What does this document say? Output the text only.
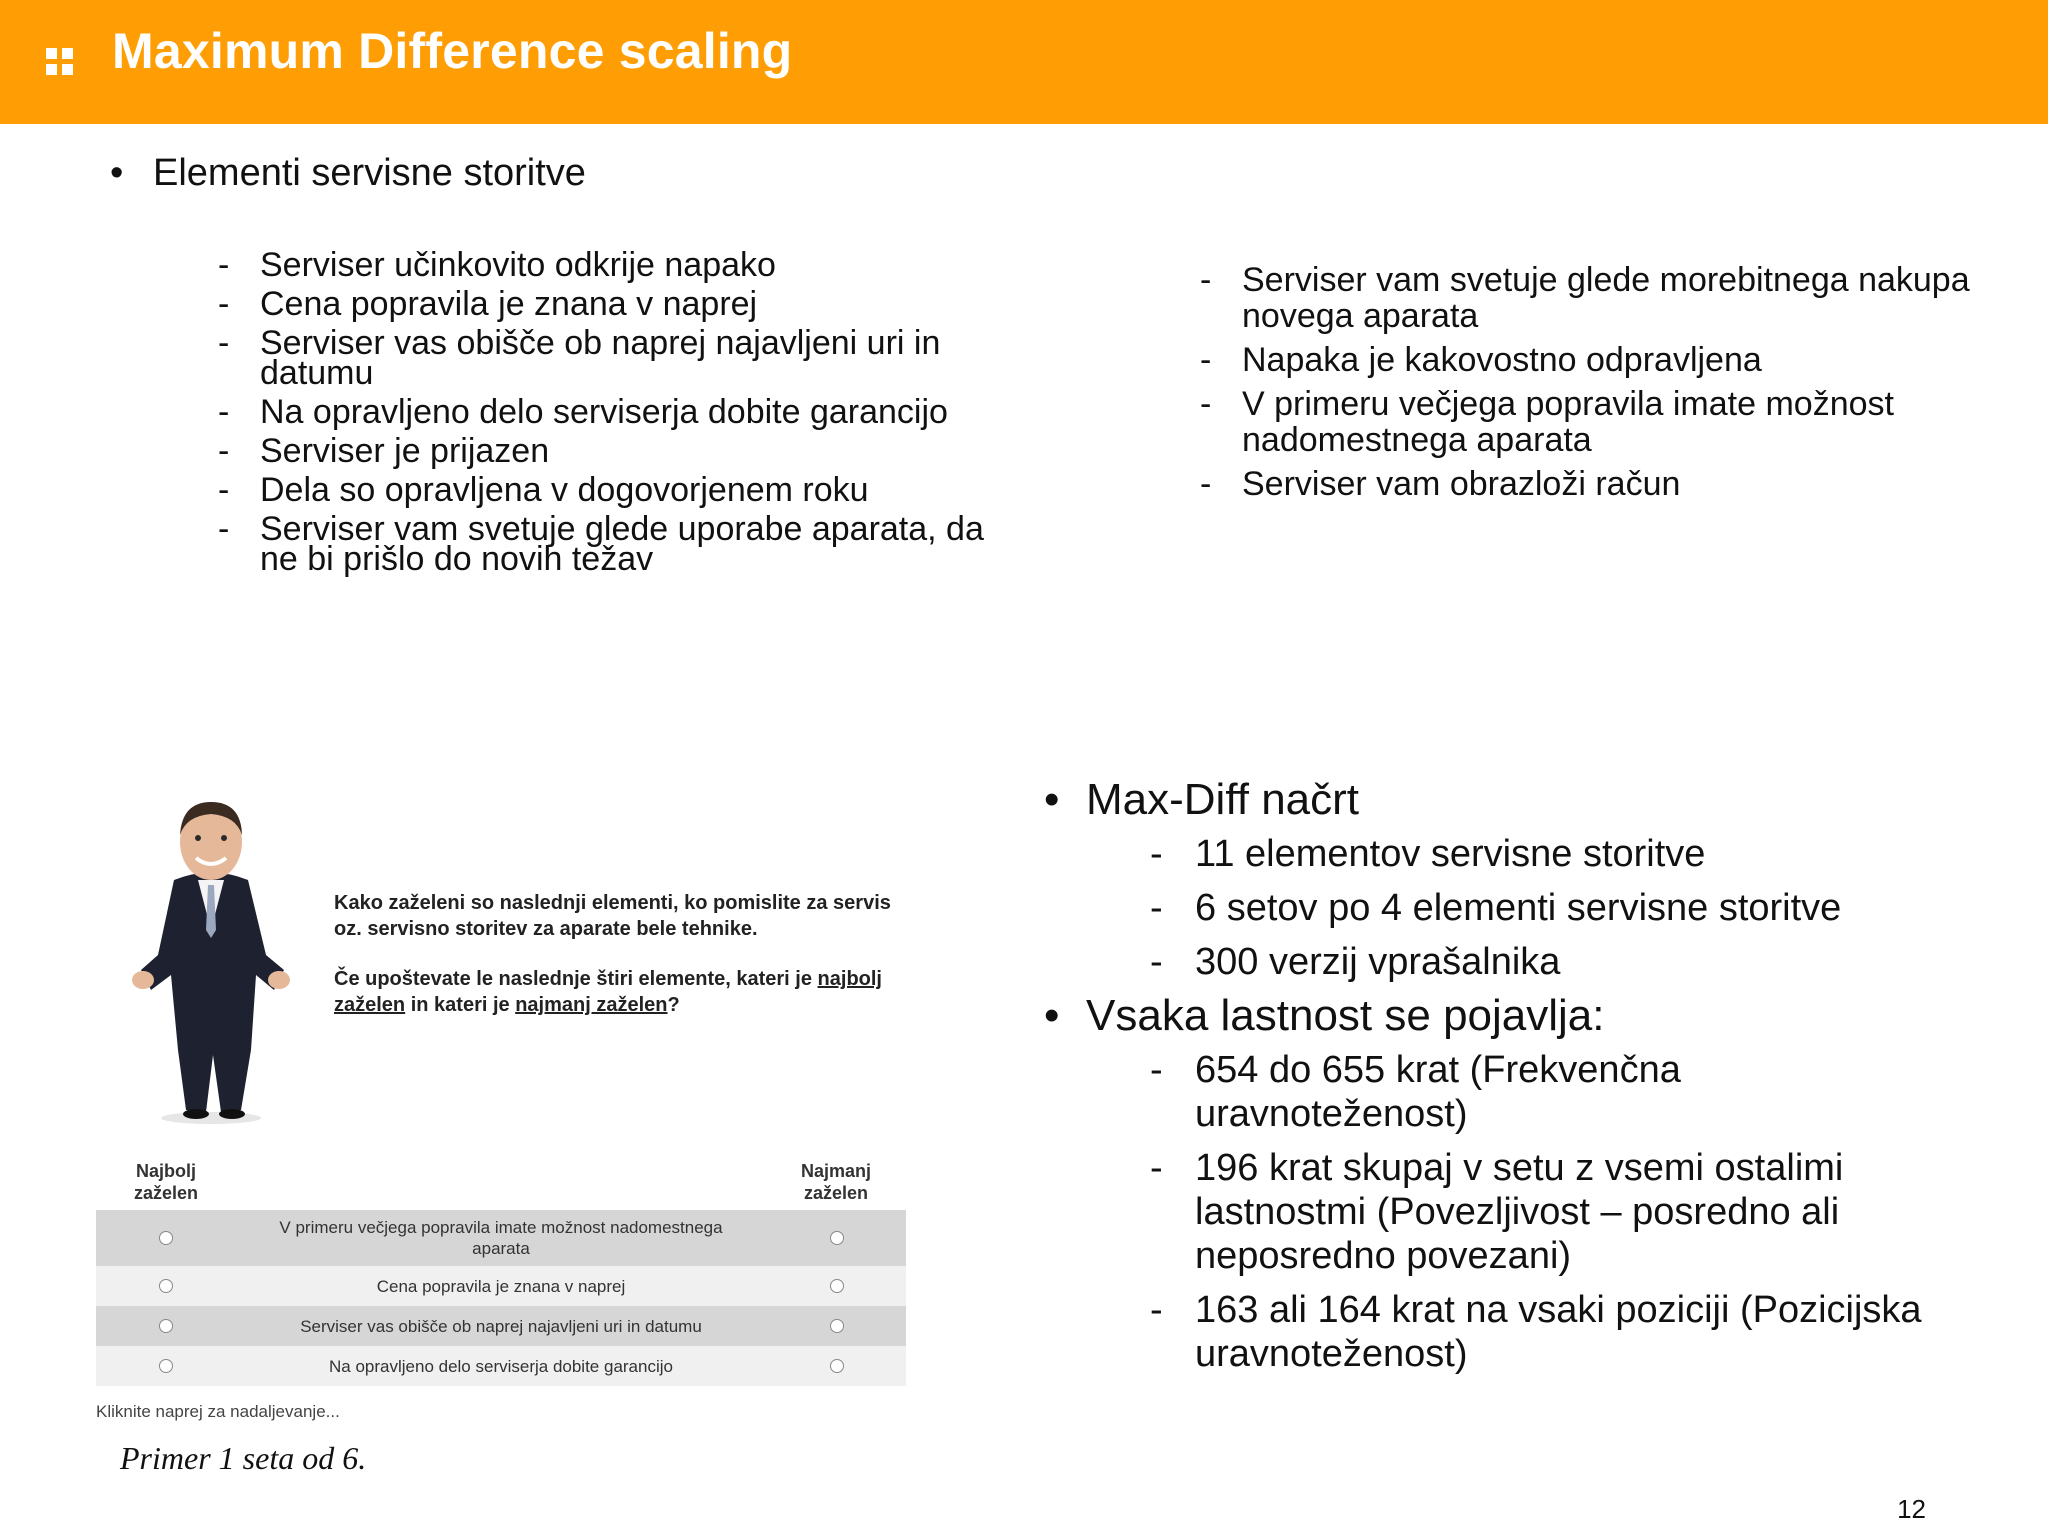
Maximum Difference scaling
• Elementi servisne storitve
- Serviser učinkovito odkrije napako
- Cena popravila je znana v naprej
- Serviser vas obišče ob naprej najavljeni uri in
datumu
- Na opravljeno delo serviserja dobite garancijo
- Serviser je prijazen
- Dela so opravljena v dogovorjenem roku
- Serviser vam svetuje glede uporabe aparata, da
ne bi prišlo do novih težav
- Serviser vam svetuje glede morebitnega nakupa
novega aparata
- Napaka je kakovostno odpravljena
- V primeru večjega popravila imate možnost
nadomestnega aparata
- Serviser vam obrazloži račun

Kako zaželeni so naslednji elementi, ko pomislite za servis oz. servisno storitev za aparate bele tehnike.

Če upoštevate le naslednje štiri elemente, kateri je najbolj zaželen in kateri je najmanj zaželen?

Najbolj
zaželen
Najmanj
zaželen
V primeru večjega popravila imate možnost nadomestnega aparata
Cena popravila je znana v naprej
Serviser vas obišče ob naprej najavljeni uri in datumu
Na opravljeno delo serviserja dobite garancijo
Kliknite naprej za nadaljevanje...
Primer 1 seta od 6.
• Max-Diff načrt
- 11 elementov servisne storitve
- 6 setov po 4 elementi servisne storitve
- 300 verzij vprašalnika
• Vsaka lastnost se pojavlja:
- 654 do 655 krat (Frekvenčna
uravnoteženost)
- 196 krat skupaj v setu z vsemi ostalimi
lastnostmi (Povezljivost – posredno ali
neposredno povezani)
- 163 ali 164 krat na vsaki poziciji (Pozicijska
uravnoteženost)
12
